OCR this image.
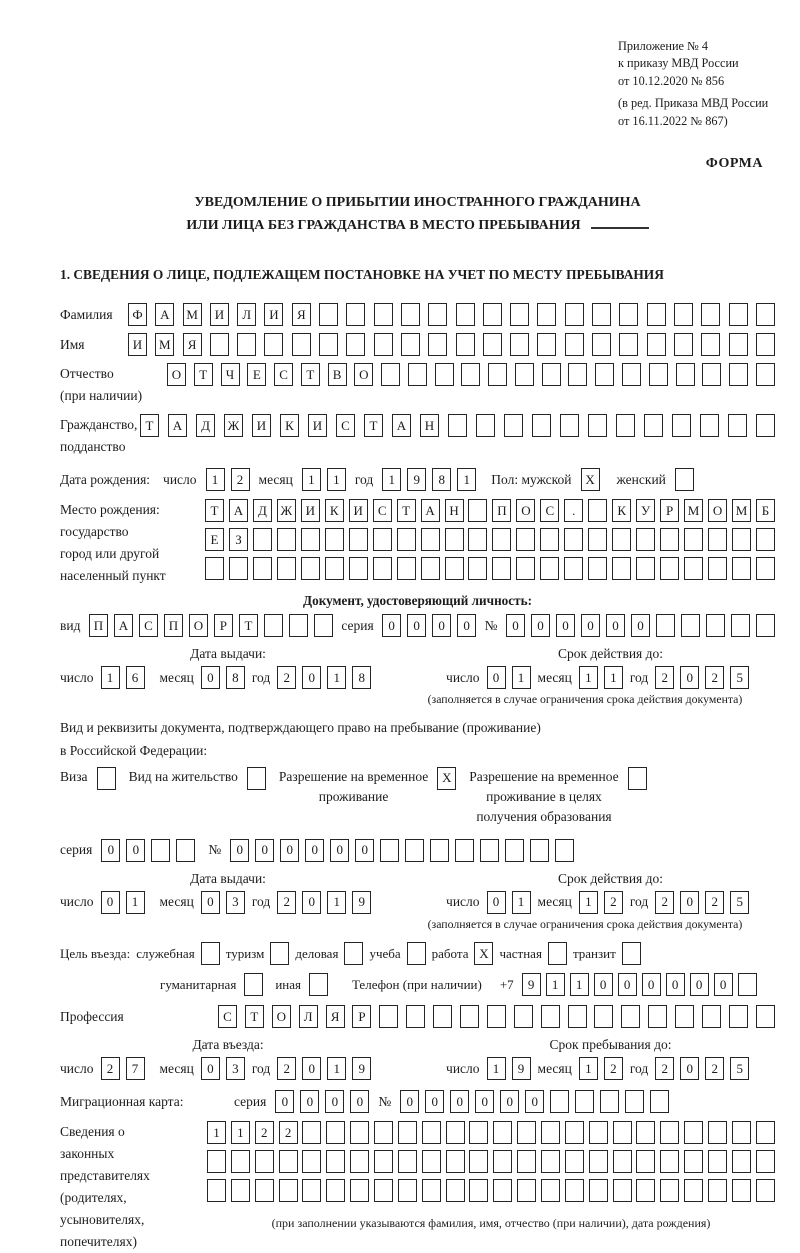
Приложение № 4
к приказу МВД России
от 10.12.2020 № 856
(в ред. Приказа МВД России
от 16.11.2022 № 867)
ФОРМА
УВЕДОМЛЕНИЕ О ПРИБЫТИИ ИНОСТРАННОГО ГРАЖДАНИНА
ИЛИ ЛИЦА БЕЗ ГРАЖДАНСТВА В МЕСТО ПРЕБЫВАНИЯ
1. СВЕДЕНИЯ О ЛИЦЕ, ПОДЛЕЖАЩЕМ ПОСТАНОВКЕ НА УЧЕТ ПО МЕСТУ ПРЕБЫВАНИЯ
Фамилия	Ф	А	М	И	Л	И	Я
Имя	И	М	Я
Отчество
(при наличии)
О	Т	Ч	Е	С	Т	В	О
Гражданство,
подданство
Т	А	Д	Ж	И	К	И	С	Т	А	Н
Дата рождения: число	1	2	месяц	1	1	год	1	9	8	1	Пол: мужской	X	женский
Место рождения:
государство
город или другой
населенный пункт
Т	А	Д	Ж	И	К	И	С	Т	А	Н	П	О	С	.	К	У	Р	М	О	М	Б
Е	З
Документ, удостоверяющий личность:
вид	П	А	С	П	О	Р	Т	серия	0	0	0	0	№	0	0	0	0	0	0
Дата выдачи:
число	1	6	месяц	0	8 год	2	0	1	8
Срок действия до:
число	0	1 месяц	1	1 год	2	0	2	5
(заполняется в случае ограничения срока действия документа)
Вид и реквизиты документа, подтверждающего право на пребывание (проживание)
в Российской Федерации:
Виза	Вид на жительство	Разрешение на временное
проживание
X	Разрешение на временное
проживание в целях
получения образования
серия	0	0	№	0	0	0	0	0	0
Дата выдачи:
число	0	1	месяц	0	3 год	2	0	1	9
Срок действия до:
число	0	1 месяц	1	2 год	2	0	2	5
(заполняется в случае ограничения срока действия документа)
Цель въезда: служебная туризм деловая учеба работа X частная транзит
гуманитарная	иная	Телефон (при наличии) +7	9	1	1	0	0	0	0	0	0
Профессия	С	Т	О	Л	Я	Р
Дата въезда:
число	2	7	месяц	0	3 год	2	0	1	9
Срок пребывания до:
число	1	9 месяц	1	2 год	2	0	2	5
Миграционная карта:	серия	0	0	0	0	№	0	0	0	0	0	0
Сведения о
законных
представителях
(родителях,
усыновителях,
попечителях)
1	1	2	2
(при заполнении указываются фамилия, имя, отчество (при наличии), дата рождения)
